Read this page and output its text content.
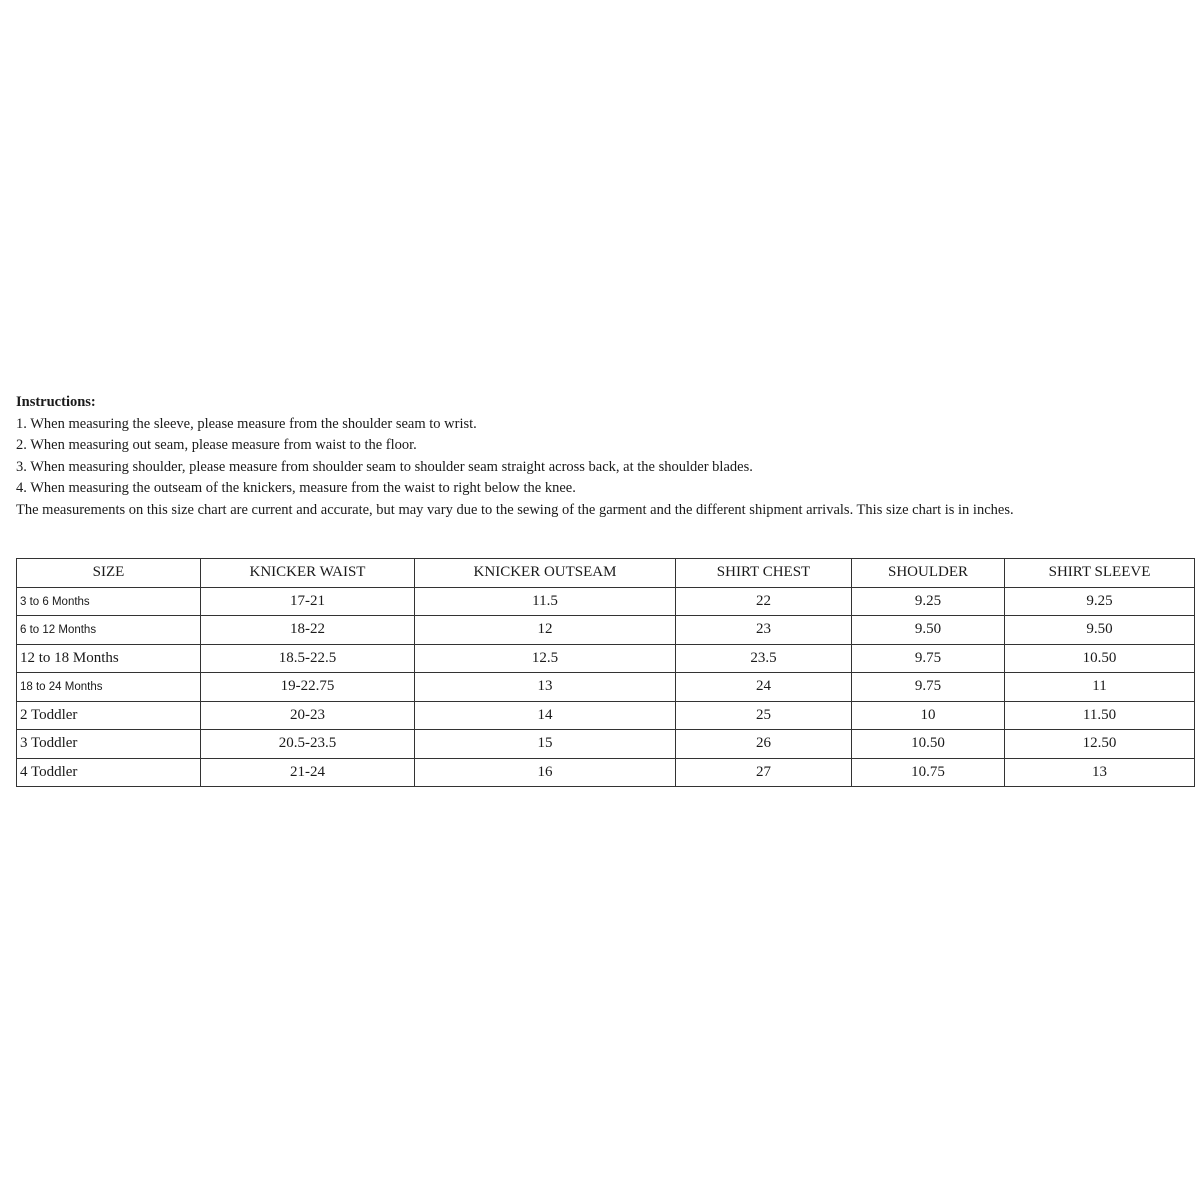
Instructions:

1. When measuring the sleeve, please measure from the shoulder seam to wrist.

2. When measuring out seam, please measure from waist to the floor.

3. When measuring shoulder, please measure from shoulder seam to shoulder seam straight across back, at the shoulder blades.

4. When measuring the outseam of the knickers, measure from the waist to right below the knee.

The measurements on this size chart are current and accurate, but may vary due to the sewing of the garment and the different shipment arrivals. This size chart is in inches.

SIZE	KNICKER WAIST	KNICKER OUTSEAM	SHIRT CHEST	SHOULDER	SHIRT SLEEVE
3 to 6 Months	17-21	11.5	22	9.25	9.25
6 to 12 Months	18-22	12	23	9.50	9.50
12 to 18 Months	18.5-22.5	12.5	23.5	9.75	10.50
18 to 24 Months	19-22.75	13	24	9.75	11
2 Toddler	20-23	14	25	10	11.50
3 Toddler	20.5-23.5	15	26	10.50	12.50
4 Toddler	21-24	16	27	10.75	13
